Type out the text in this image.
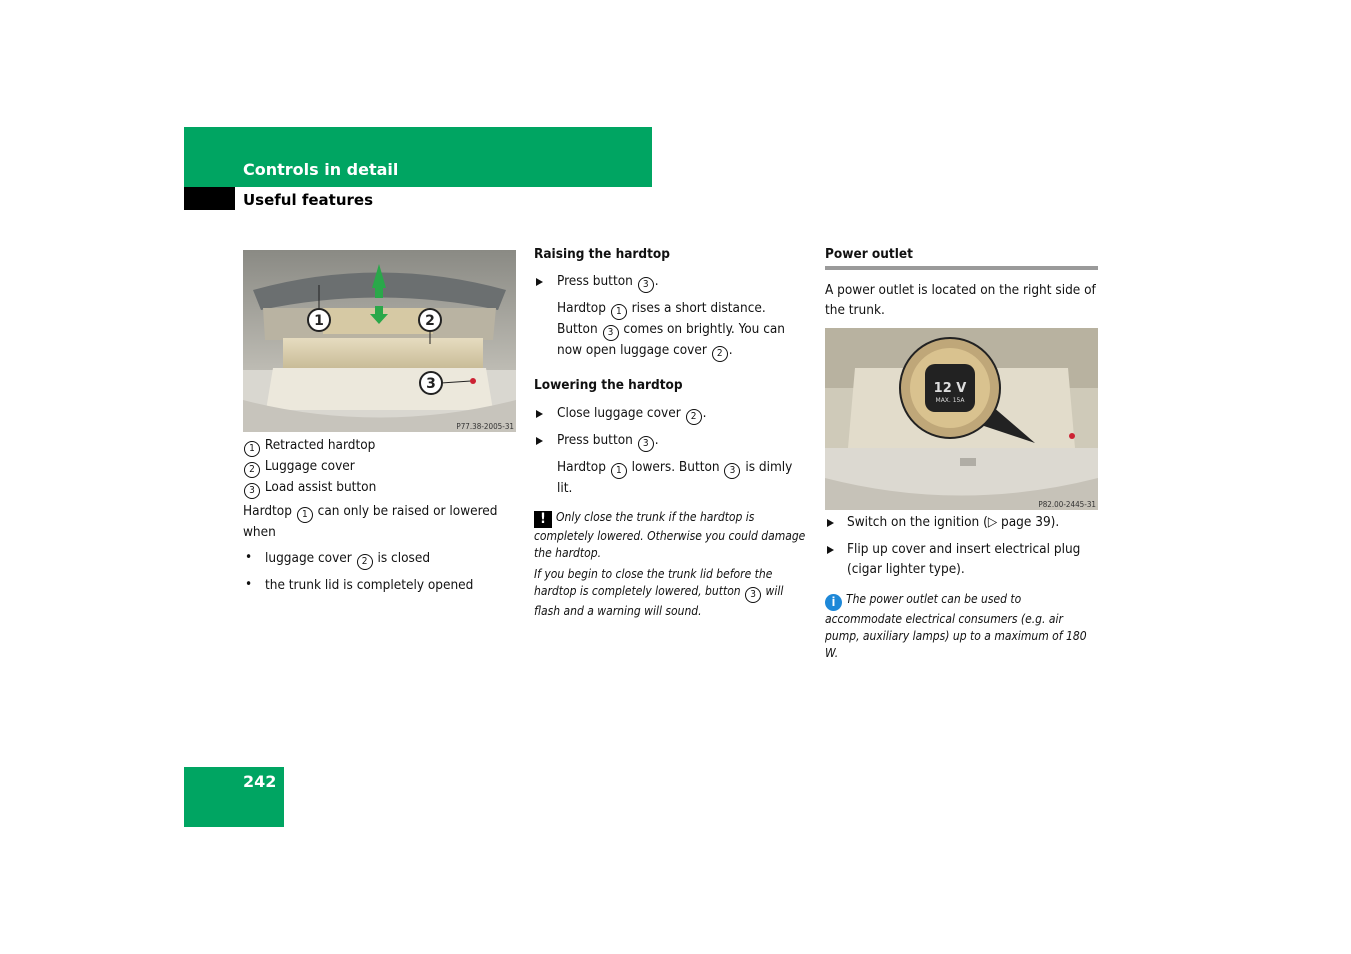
Controls in detail
Useful features
1	2
3
P77.38-2005-31
1 Retracted hardtop
2 Luggage cover
3 Load assist button
Hardtop 1 can only be raised or lowered when
• luggage cover 2 is closed
• the trunk lid is completely opened
Raising the hardtop
Press button 3 .
Hardtop 1 rises a short distance. Button 3 comes on brightly. You can now open luggage cover 2 .
Lowering the hardtop
Close luggage cover 2 .
Press button 3 .
Hardtop 1 lowers. Button 3 is dimly lit.
! Only close the trunk if the hardtop is completely lowered. Otherwise you could damage the hardtop.
If you begin to close the trunk lid before the hardtop is completely lowered, button 3 will flash and a warning will sound.
Power outlet
A power outlet is located on the right side of the trunk.
12 V
MAX. 15A
P82.00-2445-31
Switch on the ignition (▷ page 39).
Flip up cover and insert electrical plug (cigar lighter type).
i The power outlet can be used to accommodate electrical consumers (e.g. air pump, auxiliary lamps) up to a maximum of 180 W.
242
